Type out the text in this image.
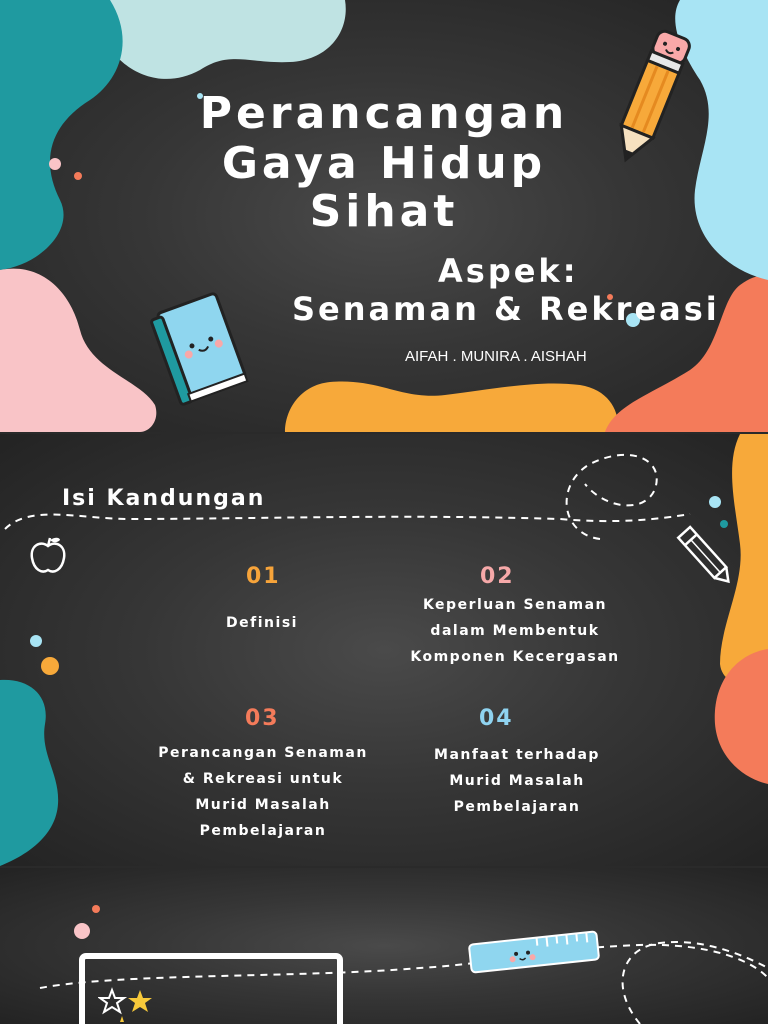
Perancangan
Gaya Hidup
Sihat
Aspek:
Senaman & Rekreasi
AIFAH . MUNIRA . AISHAH
Isi Kandungan
01
Definisi
02
Keperluan Senaman
dalam Membentuk
Komponen Kecergasan
03
Perancangan Senaman
& Rekreasi untuk
Murid Masalah
Pembelajaran
04
Manfaat terhadap
Murid Masalah
Pembelajaran
